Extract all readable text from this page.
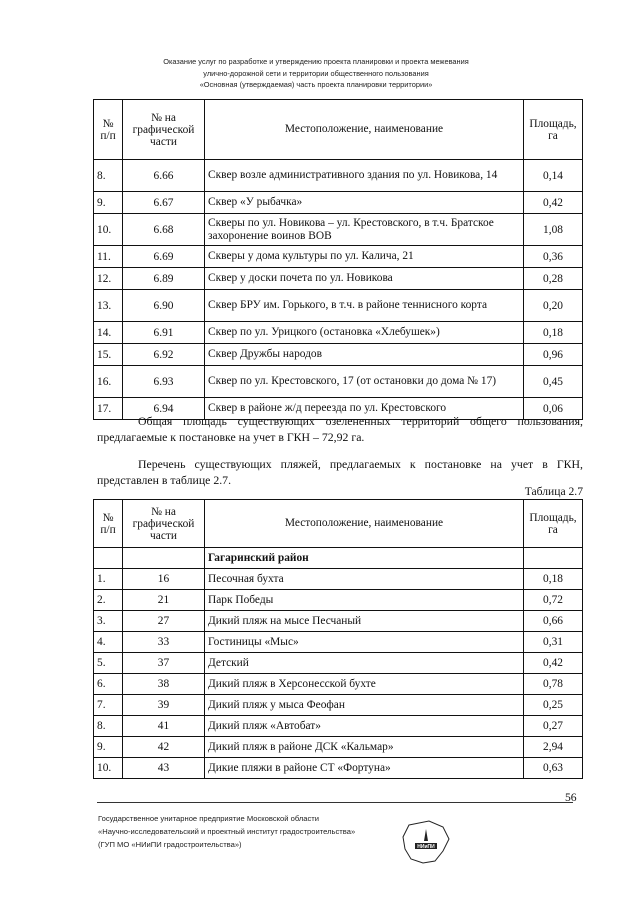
Оказание услуг по разработке и утверждению проекта планировки и проекта межевания
улично-дорожной сети и территории общественного пользования
«Основная (утверждаемая) часть проекта планировки территории»
№ п/п	№ на графической части	Местоположение, наименование	Площадь, га
8.	6.66	Сквер возле административного здания по ул. Новикова, 14	0,14
9.	6.67	Сквер «У рыбачка»	0,42
10.	6.68	Скверы по ул. Новикова – ул. Крестовского, в т.ч. Братское захоронение воинов ВОВ	1,08
11.	6.69	Скверы у дома культуры по ул. Калича, 21	0,36
12.	6.89	Сквер у доски почета по ул. Новикова	0,28
13.	6.90	Сквер БРУ им. Горького, в т.ч. в районе теннисного корта	0,20
14.	6.91	Сквер по ул. Урицкого (остановка «Хлебушек»)	0,18
15.	6.92	Сквер Дружбы народов	0,96
16.	6.93	Сквер по ул. Крестовского, 17 (от остановки до дома № 17)	0,45
17.	6.94	Сквер в районе ж/д переезда по ул. Крестовского	0,06
Общая площадь существующих озелененных территорий общего пользования, предлагаемые к постановке на учет в ГКН – 72,92 га.
Перечень существующих пляжей, предлагаемых к постановке на учет в ГКН, представлен в таблице 2.7.
Таблица 2.7
№ п/п	№ на графической части	Местоположение, наименование	Площадь, га
		Гагаринский район	
1.	16	Песочная бухта	0,18
2.	21	Парк Победы	0,72
3.	27	Дикий пляж на мысе Песчаный	0,66
4.	33	Гостиницы «Мыс»	0,31
5.	37	Детский	0,42
6.	38	Дикий пляж в Херсонесской бухте	0,78
7.	39	Дикий пляж у мыса Феофан	0,25
8.	41	Дикий пляж «Автобат»	0,27
9.	42	Дикий пляж в районе ДСК «Кальмар»	2,94
10.	43	Дикие пляжи в районе СТ «Фортуна»	0,63
56
Государственное унитарное предприятие Московской области
«Научно-исследовательский и проектный институт градостроительства»
(ГУП МО «НИиПИ градостроительства»)	НИиПИ
